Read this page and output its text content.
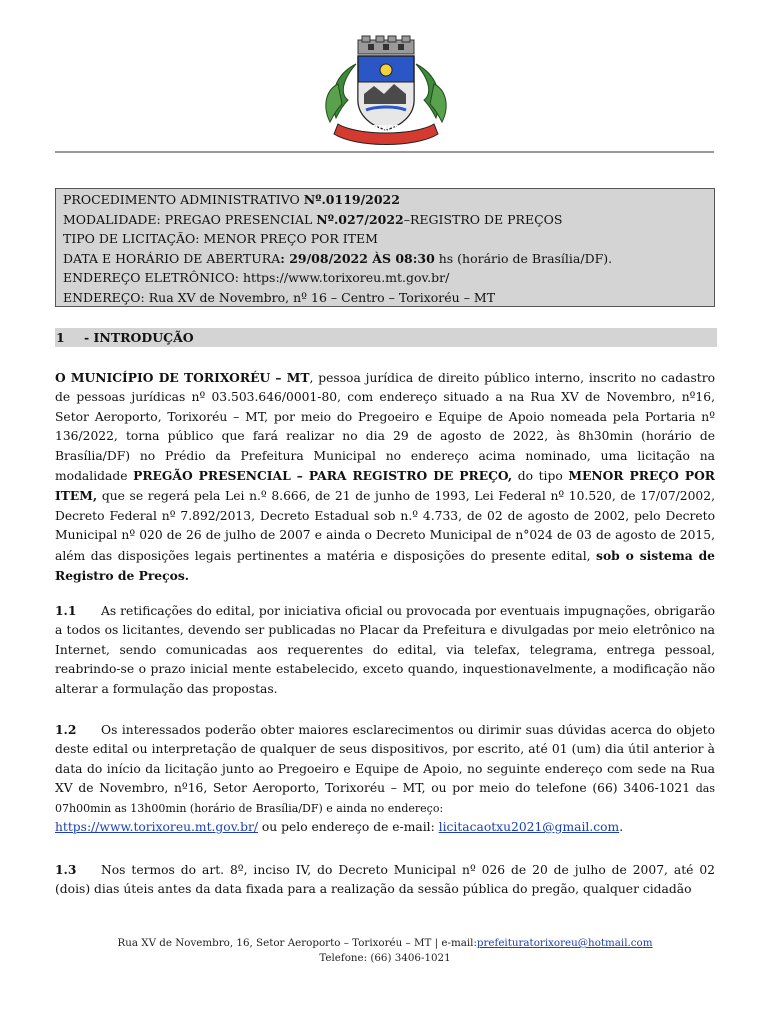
TORIXORÉU
PROCEDIMENTO ADMINISTRATIVO Nº.0119/2022
MODALIDADE: PREGAO PRESENCIAL Nº.027/2022–REGISTRO DE PREÇOS
TIPO DE LICITAÇÃO: MENOR PREÇO POR ITEM
DATA E HORÁRIO DE ABERTURA: 29/08/2022 ÀS 08:30 hs (horário de Brasília/DF).
ENDEREÇO ELETRÔNICO: https://www.torixoreu.mt.gov.br/
ENDEREÇO: Rua XV de Novembro, nº 16 – Centro – Torixoréu – MT
1 - INTRODUÇÃO

O MUNICÍPIO DE TORIXORÉU – MT, pessoa jurídica de direito público interno, inscrito no cadastro de pessoas jurídicas nº 03.503.646/0001-80, com endereço situado a na Rua XV de Novembro, nº16, Setor Aeroporto, Torixoréu – MT, por meio do Pregoeiro e Equipe de Apoio nomeada pela Portaria nº 136/2022, torna público que fará realizar no dia 29 de agosto de 2022, às 8h30min (horário de Brasília/DF) no Prédio da Prefeitura Municipal no endereço acima nominado, uma licitação na modalidade PREGÃO PRESENCIAL – PARA REGISTRO DE PREÇO, do tipo MENOR PREÇO POR ITEM, que se regerá pela Lei n.º 8.666, de 21 de junho de 1993, Lei Federal nº 10.520, de 17/07/2002, Decreto Federal nº 7.892/2013, Decreto Estadual sob n.º 4.733, de 02 de agosto de 2002, pelo Decreto Municipal nº 020 de 26 de julho de 2007 e ainda o Decreto Municipal de n°024 de 03 de agosto de 2015, além das disposições legais pertinentes a matéria e disposições do presente edital, sob o sistema de Registro de Preços.

1.1 As retificações do edital, por iniciativa oficial ou provocada por eventuais impugnações, obrigarão a todos os licitantes, devendo ser publicadas no Placar da Prefeitura e divulgadas por meio eletrônico na Internet, sendo comunicadas aos requerentes do edital, via telefax, telegrama, entrega pessoal, reabrindo-se o prazo inicial mente estabelecido, exceto quando, inquestionavelmente, a modificação não alterar a formulação das propostas.

1.2 Os interessados poderão obter maiores esclarecimentos ou dirimir suas dúvidas acerca do objeto deste edital ou interpretação de qualquer de seus dispositivos, por escrito, até 01 (um) dia útil anterior à data do início da licitação junto ao Pregoeiro e Equipe de Apoio, no seguinte endereço com sede na Rua XV de Novembro, nº16, Setor Aeroporto, Torixoréu – MT, ou por meio do telefone (66) 3406-1021 das 07h00min as 13h00min (horário de Brasília/DF) e ainda no endereço:
https://www.torixoreu.mt.gov.br/ ou pelo endereço de e-mail: licitacaotxu2021@gmail.com.

1.3 Nos termos do art. 8º, inciso IV, do Decreto Municipal nº 026 de 20 de julho de 2007, até 02 (dois) dias úteis antes da data fixada para a realização da sessão pública do pregão, qualquer cidadão

Rua XV de Novembro, 16, Setor Aeroporto – Torixoréu – MT | e-mail:prefeituratorixoreu@hotmail.com
Telefone: (66) 3406-1021
